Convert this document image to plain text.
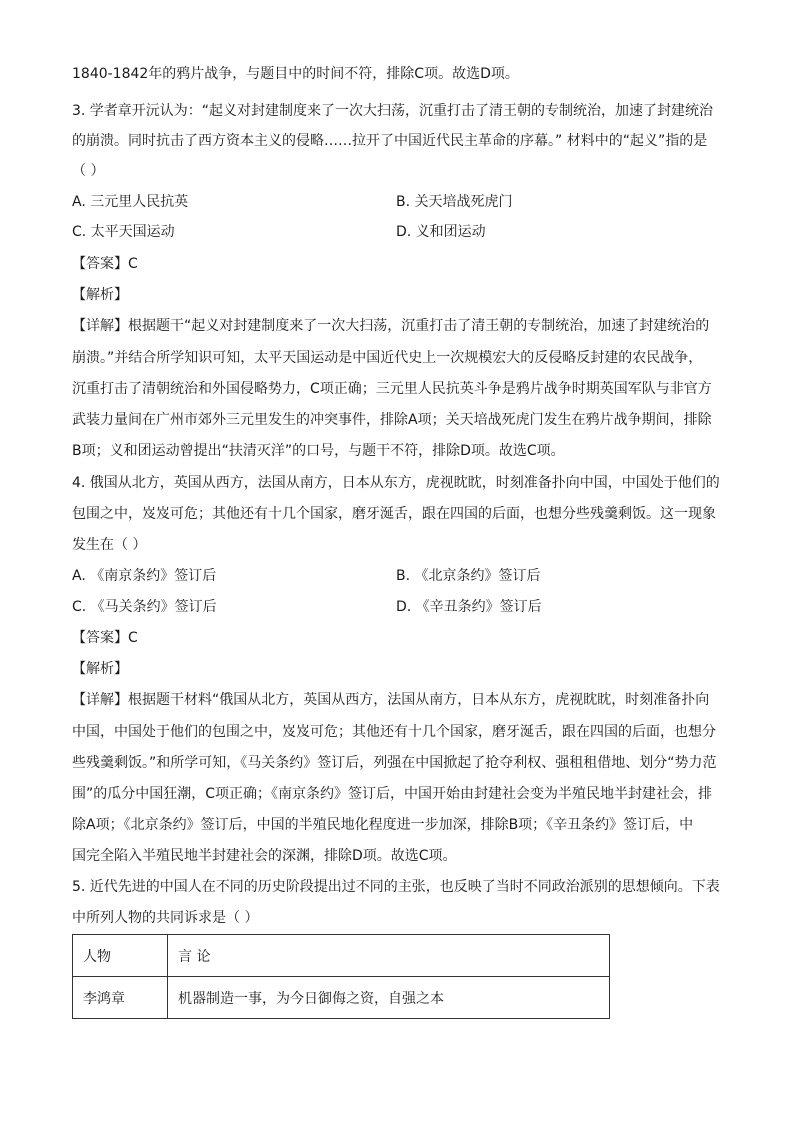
1840-1842年的鸦片战争，与题目中的时间不符，排除C项。故选D项。
3. 学者章开沅认为：“起义对封建制度来了一次大扫荡，沉重打击了清王朝的专制统治，加速了封建统治
的崩溃。同时抗击了西方资本主义的侵略……拉开了中国近代民主革命的序幕。” 材料中的“起义”指的是
（ ）
A. 三元里人民抗英	B. 关天培战死虎门
C. 太平天国运动	D. 义和团运动
【答案】C
【解析】
【详解】根据题干“起义对封建制度来了一次大扫荡，沉重打击了清王朝的专制统治，加速了封建统治的
崩溃。”并结合所学知识可知，太平天国运动是中国近代史上一次规模宏大的反侵略反封建的农民战争，
沉重打击了清朝统治和外国侵略势力，C项正确；三元里人民抗英斗争是鸦片战争时期英国军队与非官方
武装力量间在广州市郊外三元里发生的冲突事件，排除A项；关天培战死虎门发生在鸦片战争期间，排除
B项；义和团运动曾提出“扶清灭洋”的口号，与题干不符，排除D项。故选C项。
4. 俄国从北方，英国从西方，法国从南方，日本从东方，虎视眈眈，时刻准备扑向中国，中国处于他们的
包围之中，岌岌可危；其他还有十几个国家，磨牙涎舌，跟在四国的后面，也想分些残羹剩饭。这一现象
发生在（ ）
A. 《南京条约》签订后	B. 《北京条约》签订后
C. 《马关条约》签订后	D. 《辛丑条约》签订后
【答案】C
【解析】
【详解】根据题干材料“俄国从北方，英国从西方，法国从南方，日本从东方，虎视眈眈，时刻准备扑向
中国，中国处于他们的包围之中，岌岌可危；其他还有十几个国家，磨牙涎舌，跟在四国的后面，也想分
些残羹剩饭。”和所学可知，《马关条约》签订后，列强在中国掀起了抢夺利权、强租租借地、划分“势力范
围”的瓜分中国狂潮，C项正确；《南京条约》签订后，中国开始由封建社会变为半殖民地半封建社会，排
除A项；《北京条约》签订后，中国的半殖民地化程度进一步加深，排除B项；《辛丑条约》签订后，中
国完全陷入半殖民地半封建社会的深渊，排除D项。故选C项。
5. 近代先进的中国人在不同的历史阶段提出过不同的主张，也反映了当时不同政治派别的思想倾向。下表
中所列人物的共同诉求是（ ）
人物	言 论
李鸿章	机器制造一事，为今日御侮之资，自强之本
